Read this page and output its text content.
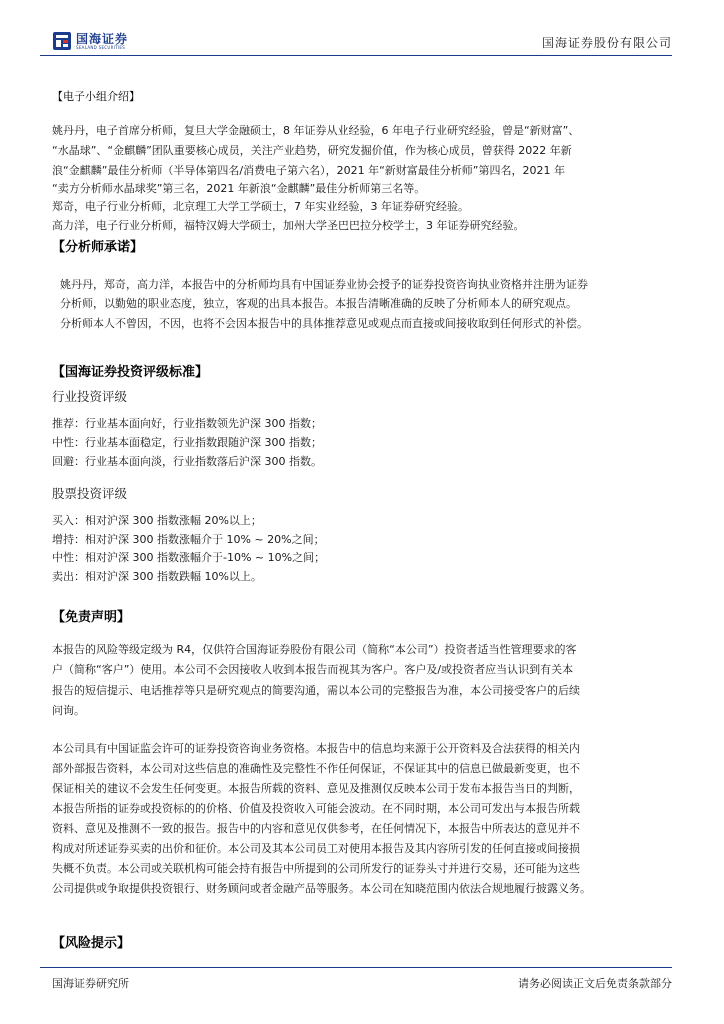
国海证券
SEALAND SECURITIES	国海证券股份有限公司
【电子小组介绍】
姚丹丹，电子首席分析师，复旦大学金融硕士，8 年证券从业经验，6 年电子行业研究经验，曾是“新财富”、
“水晶球”、“金麒麟”团队重要核心成员，关注产业趋势，研究发掘价值，作为核心成员，曾获得 2022 年新
浪“金麒麟”最佳分析师（半导体第四名/消费电子第六名），2021 年“新财富最佳分析师”第四名，2021 年
“卖方分析师水晶球奖”第三名，2021 年新浪“金麒麟”最佳分析师第三名等。
郑奇，电子行业分析师，北京理工大学工学硕士，7 年实业经验，3 年证券研究经验。
高力洋，电子行业分析师，福特汉姆大学硕士，加州大学圣巴巴拉分校学士，3 年证券研究经验。
【分析师承诺】
姚丹丹，郑奇，高力洋，本报告中的分析师均具有中国证券业协会授予的证券投资咨询执业资格并注册为证券
分析师，以勤勉的职业态度，独立，客观的出具本报告。本报告清晰准确的反映了分析师本人的研究观点。
分析师本人不曾因，不因，也将不会因本报告中的具体推荐意见或观点而直接或间接收取到任何形式的补偿。
【国海证券投资评级标准】
行业投资评级
推荐：行业基本面向好，行业指数领先沪深 300 指数；
中性：行业基本面稳定，行业指数跟随沪深 300 指数；
回避：行业基本面向淡，行业指数落后沪深 300 指数。
股票投资评级
买入：相对沪深 300 指数涨幅 20%以上；
增持：相对沪深 300 指数涨幅介于 10% ~ 20%之间；
中性：相对沪深 300 指数涨幅介于-10% ~ 10%之间；
卖出：相对沪深 300 指数跌幅 10%以上。
【免责声明】
本报告的风险等级定级为 R4，仅供符合国海证券股份有限公司（简称“本公司”）投资者适当性管理要求的客
户（简称“客户”）使用。本公司不会因接收人收到本报告而视其为客户。客户及/或投资者应当认识到有关本
报告的短信提示、电话推荐等只是研究观点的简要沟通，需以本公司的完整报告为准，本公司接受客户的后续
问询。
本公司具有中国证监会许可的证券投资咨询业务资格。本报告中的信息均来源于公开资料及合法获得的相关内
部外部报告资料，本公司对这些信息的准确性及完整性不作任何保证，不保证其中的信息已做最新变更，也不
保证相关的建议不会发生任何变更。本报告所载的资料、意见及推测仅反映本公司于发布本报告当日的判断，
本报告所指的证券或投资标的的价格、价值及投资收入可能会波动。在不同时期，本公司可发出与本报告所载
资料、意见及推测不一致的报告。报告中的内容和意见仅供参考，在任何情况下，本报告中所表达的意见并不
构成对所述证券买卖的出价和征价。本公司及其本公司员工对使用本报告及其内容所引发的任何直接或间接损
失概不负责。本公司或关联机构可能会持有报告中所提到的公司所发行的证券头寸并进行交易，还可能为这些
公司提供或争取提供投资银行、财务顾问或者金融产品等服务。本公司在知晓范围内依法合规地履行披露义务。
【风险提示】
国海证券研究所	请务必阅读正文后免责条款部分
